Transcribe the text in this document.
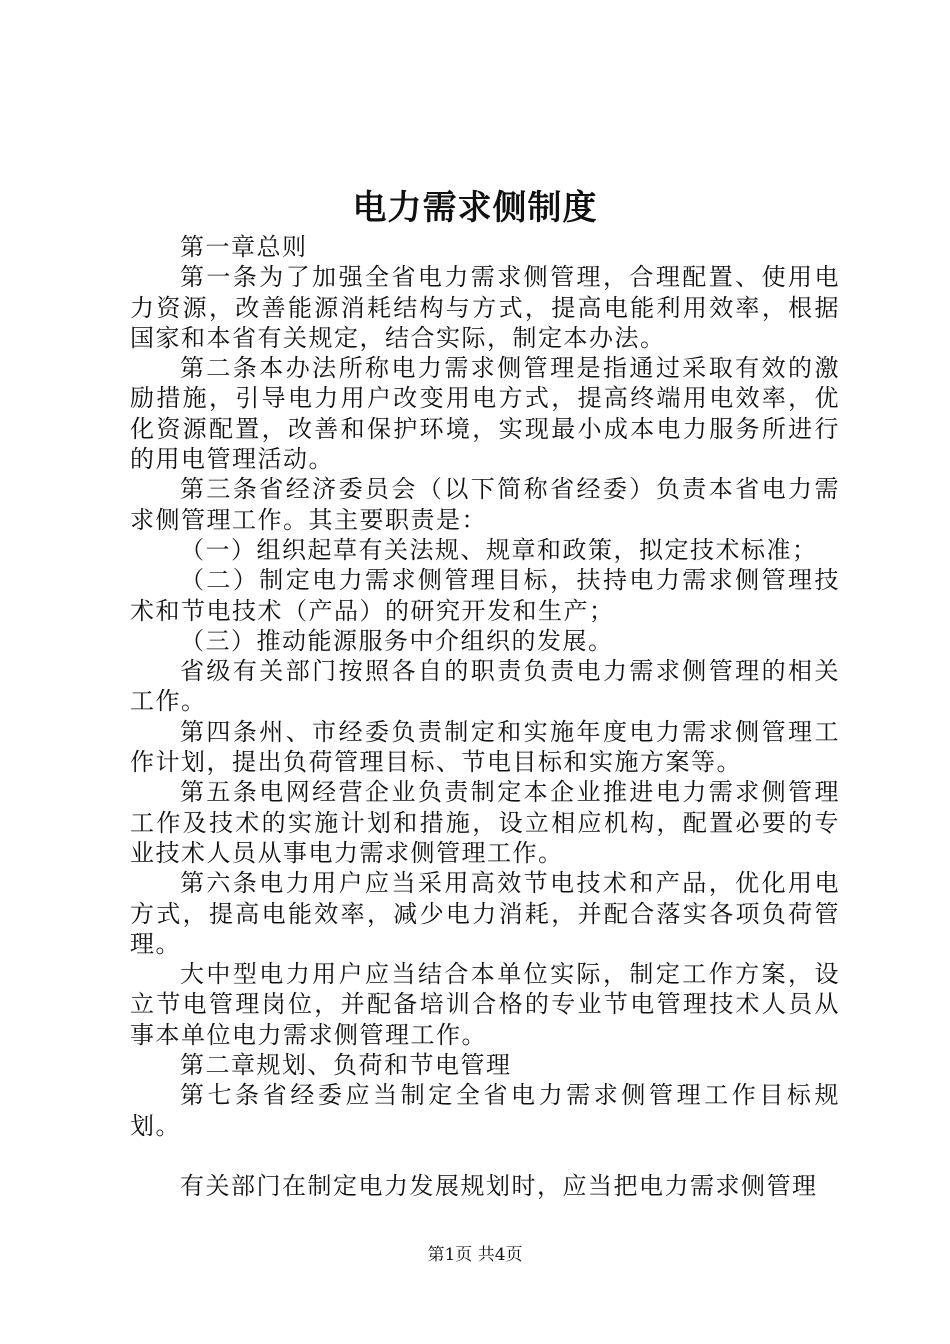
电力需求侧制度

第一章总则

第一条为了加强全省电力需求侧管理，合理配置、使用电力资源，改善能源消耗结构与方式，提高电能利用效率，根据国家和本省有关规定，结合实际，制定本办法。

第二条本办法所称电力需求侧管理是指通过采取有效的激励措施，引导电力用户改变用电方式，提高终端用电效率，优化资源配置，改善和保护环境，实现最小成本电力服务所进行的用电管理活动。

第三条省经济委员会（以下简称省经委）负责本省电力需求侧管理工作。其主要职责是：

（一）组织起草有关法规、规章和政策，拟定技术标准；

（二）制定电力需求侧管理目标，扶持电力需求侧管理技术和节电技术（产品）的研究开发和生产；

（三）推动能源服务中介组织的发展。

省级有关部门按照各自的职责负责电力需求侧管理的相关工作。

第四条州、市经委负责制定和实施年度电力需求侧管理工作计划，提出负荷管理目标、节电目标和实施方案等。

第五条电网经营企业负责制定本企业推进电力需求侧管理工作及技术的实施计划和措施，设立相应机构，配置必要的专业技术人员从事电力需求侧管理工作。

第六条电力用户应当采用高效节电技术和产品，优化用电方式，提高电能效率，减少电力消耗，并配合落实各项负荷管理。

大中型电力用户应当结合本单位实际，制定工作方案，设立节电管理岗位，并配备培训合格的专业节电管理技术人员从事本单位电力需求侧管理工作。

第二章规划、负荷和节电管理

第七条省经委应当制定全省电力需求侧管理工作目标规划。

有关部门在制定电力发展规划时，应当把电力需求侧管理

第1页 共4页
